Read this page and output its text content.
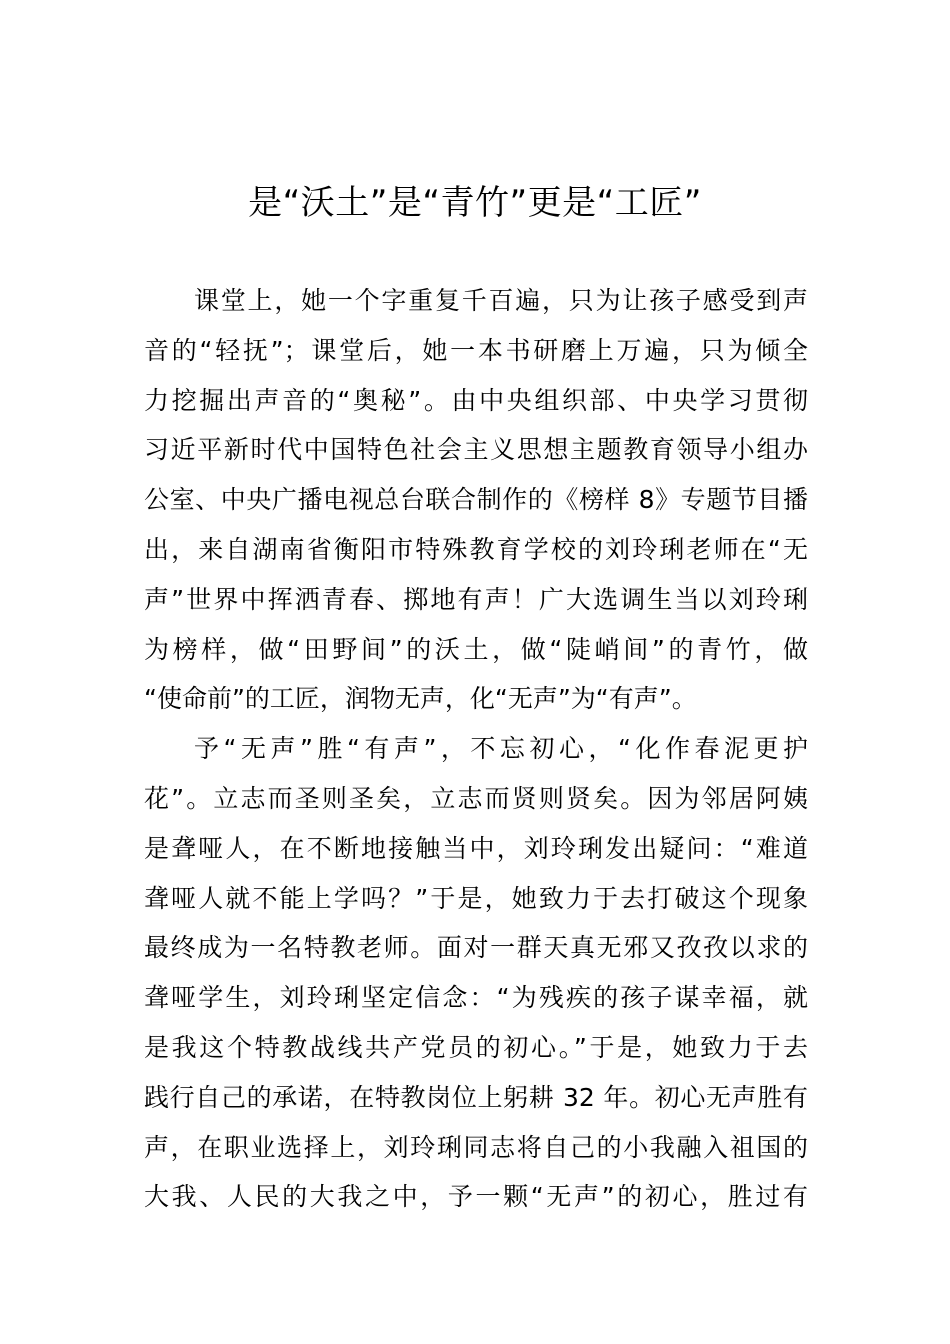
是“沃土”是“青竹”更是“工匠”
课堂上，她一个字重复千百遍，只为让孩子感受到声
音的“轻抚”；课堂后，她一本书研磨上万遍，只为倾全
力挖掘出声音的“奥秘”。由中央组织部、中央学习贯彻
习近平新时代中国特色社会主义思想主题教育领导小组办
公室、中央广播电视总台联合制作的《榜样 8》专题节目播
出，来自湖南省衡阳市特殊教育学校的刘玲琍老师在“无
声”世界中挥洒青春、掷地有声！广大选调生当以刘玲琍
为榜样，做“田野间”的沃土，做“陡峭间”的青竹，做
“使命前”的工匠，润物无声，化“无声”为“有声”。
予“无声”胜“有声”，不忘初心，“化作春泥更护
花”。立志而圣则圣矣，立志而贤则贤矣。因为邻居阿姨
是聋哑人，在不断地接触当中，刘玲琍发出疑问：“难道
聋哑人就不能上学吗？”于是，她致力于去打破这个现象
最终成为一名特教老师。面对一群天真无邪又孜孜以求的
聋哑学生，刘玲琍坚定信念：“为残疾的孩子谋幸福，就
是我这个特教战线共产党员的初心。”于是，她致力于去
践行自己的承诺，在特教岗位上躬耕 32 年。初心无声胜有
声，在职业选择上，刘玲琍同志将自己的小我融入祖国的
大我、人民的大我之中，予一颗“无声”的初心，胜过有
